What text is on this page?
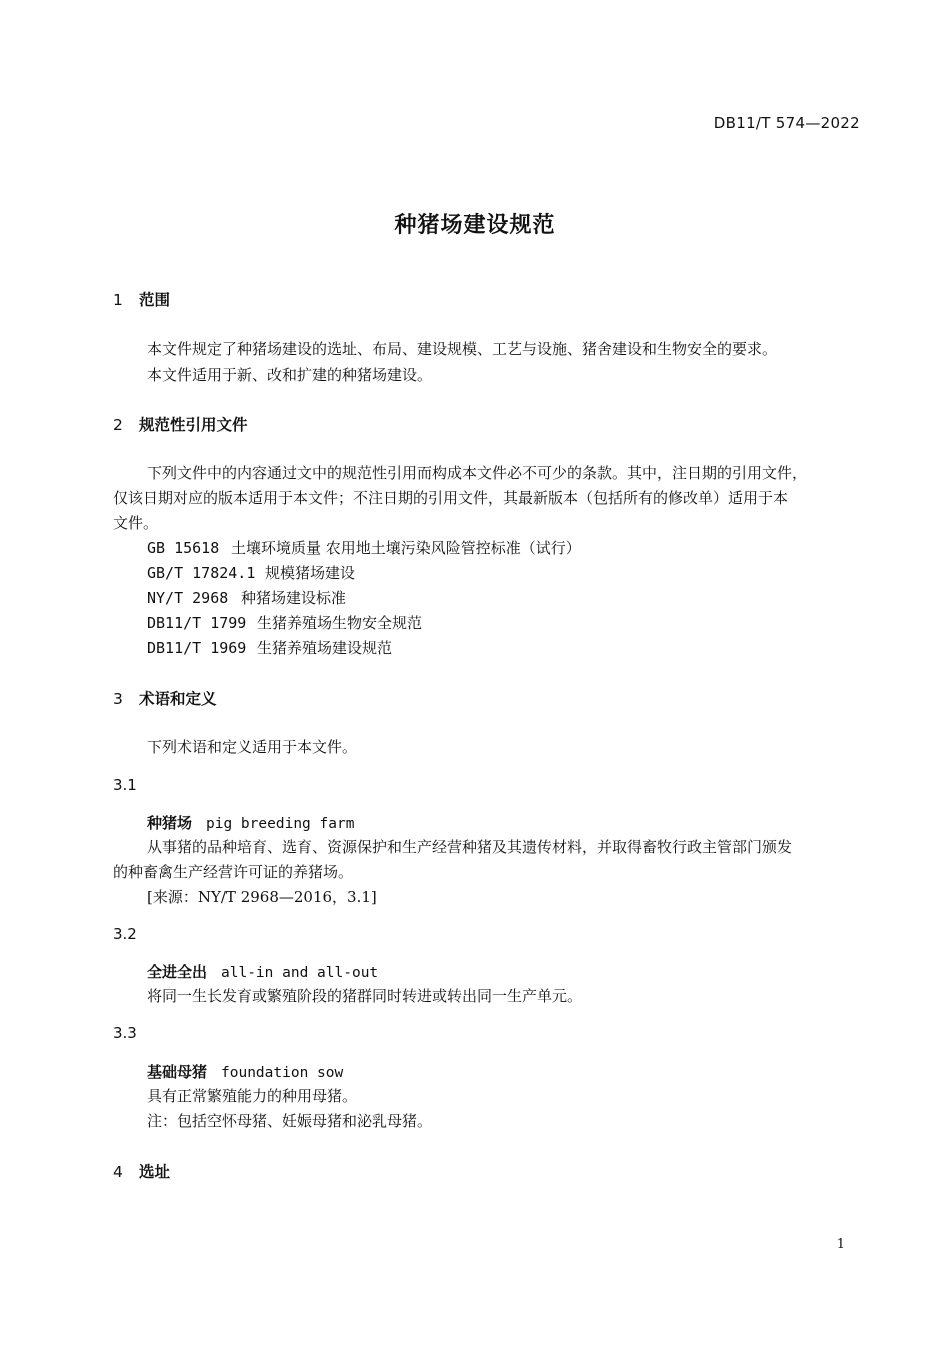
DB11/T 574—2022
种猪场建设规范
1 范围
本文件规定了种猪场建设的选址、布局、建设规模、工艺与设施、猪舍建设和生物安全的要求。
本文件适用于新、改和扩建的种猪场建设。
2 规范性引用文件
下列文件中的内容通过文中的规范性引用而构成本文件必不可少的条款。其中，注日期的引用文件，
仅该日期对应的版本适用于本文件；不注日期的引用文件，其最新版本（包括所有的修改单）适用于本
文件。
GB 15618 土壤环境质量 农用地土壤污染风险管控标准（试行）
GB/T 17824.1 规模猪场建设
NY/T 2968 种猪场建设标准
DB11/T 1799 生猪养殖场生物安全规范
DB11/T 1969 生猪养殖场建设规范
3 术语和定义
下列术语和定义适用于本文件。
3.1
种猪场 pig breeding farm
从事猪的品种培育、选育、资源保护和生产经营种猪及其遗传材料，并取得畜牧行政主管部门颁发
的种畜禽生产经营许可证的养猪场。
[来源：NY/T 2968—2016，3.1]
3.2
全进全出 all-in and all-out
将同一生长发育或繁殖阶段的猪群同时转进或转出同一生产单元。
3.3
基础母猪 foundation sow
具有正常繁殖能力的种用母猪。
注：包括空怀母猪、妊娠母猪和泌乳母猪。
4 选址
1
